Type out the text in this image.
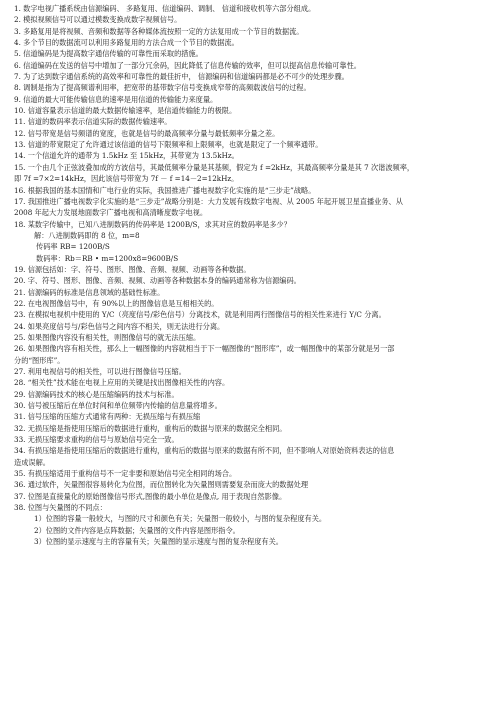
1. 数字电视广播系统由信源编码、 多路复用、信道编码、调制、 信道和接收机等六部分组成。
2. 模拟视频信号可以通过模数变换成数字视频信号。
3. 多路复用是将视频、音频和数据等各种媒体流按照一定的方法复用成一个节目的数据流。
4. 多个节目的数据流可以利用多路复用的方法合成一个节目的数据流。
5. 信道编码是为提高数字通信传输的可靠性而采取的措施。
6. 信道编码在发送的信号中增加了一部分冗余码，因此降低了信息传输的效率，但可以提高信息传输可靠性。
7. 为了达到数字通信系统的高效率和可靠性的最佳折中， 信源编码和信道编码都是必不可少的处理步骤。
8. 调制是指为了提高频谱利用率，把宽带的基带数字信号变换成窄带的高频载波信号的过程。
9. 信道的最大可能传输信息的速率是用信道的传输能力来度量。
10. 信道容量表示信道的最大数据传输速率，是信道传输能力的极限。
11. 信道的数码率表示信道实际的数据传输速率。
12. 信号带宽是信号频谱的宽度，也就是信号的最高频率分量与最低频率分量之差。
13. 信道的带宽限定了允许通过该信道的信号下限频率和上限频率，也就是限定了一个频率通带。
14. 一个信道允许的通带为 1.5kHz 至 15kHz，其带宽为 13.5kHz。
15. 一个由几个正弦波叠加成的方波信号，其最低频率分量是其基频，假定为 f =2kHz，其最高频率分量是其 7 次谐波频率，
即 7f =7×2=14kHz，因此该信号带宽为 7f － f =14－2=12kHz。
16. 根据我国的基本国情和广电行业的实际，我国推进广播电视数字化实施的是“三步走”战略。
17. 我国推进广播电视数字化实施的是“三步走”战略分别是：大力发展有线数字电视、从 2005 年起开展卫星直播业务、从
2008 年起大力发展地面数字广播电视和高清晰度数字电视。
18. 某数字传输中，已知八进制数码的传码率是 1200B/S，求其对应的数码率是多少？
解：八进制数码即的 8 位，m=8
传码率 RB= 1200B/S
数码率：Rb＝RB • m=1200x8=9600B/S
19. 信源包括如：字、符号、图形、图像、音频、视频、动画等各种数据。
20. 字、符号、图形、图像、音频、视频、动画等各种数据本身的编码通常称为信源编码。
21. 信源编码的标准是信息领域的基础性标准。
22. 在电视图像信号中，有 90%以上的图像信息是互相相关的。
23. 在模拟电视机中使用的 Y/C（亮度信号/彩色信号）分离技术，就是利用两行图像信号的相关性来进行 Y/C 分离。
24. 如果亮度信号与/彩色信号之间内容不相关，则无法进行分离。
25. 如果图像内容没有相关性，则图像信号的就无法压缩。
26. 如果图像内容有相关性，那么上一幅图像的内容就相当于下一幅图像的“图形库”，或一幅图像中的某部分就是另一部
分的“图形库”。
27. 利用电视信号的相关性，可以进行图像信号压缩。
28. “相关性”技术能在电视上应用的关键是找出图像相关性的内容。
29. 信源编码技术的核心是压缩编码的技术与标准。
30. 信号被压缩后在单位时间和单位频带内传输的信息量将增多。
31. 信号压缩的压缩方式通常有两种：无损压缩与有损压缩
32. 无损压缩是指使用压缩后的数据进行重构，重构后的数据与原来的数据完全相同。
33. 无损压缩要求重构的信号与原始信号完全一致。
34. 有损压缩是指使用压缩后的数据进行重构，重构后的数据与原来的数据有所不同，但不影响人对原始资料表达的信息
造成误解。
35. 有损压缩适用于重构信号不一定非要和原始信号完全相同的场合。
36. 通过软件，矢量图很容易转化为位图，而位图转化为矢量图则需要复杂而庞大的数据处理
37. 位图是直接量化的原始图像信号形式,图像的最小单位是像点, 用于表现自然影像。
38. 位图与矢量图的不同点：
1）位图的容量一般较大，与图的尺寸和颜色有关；矢量图一般较小，与图的复杂程度有关。
2）位图的文件内容是点阵数据；矢量图的文件内容是图形指令。
3）位图的显示速度与主的容量有关；矢量图的显示速度与图的复杂程度有关。
